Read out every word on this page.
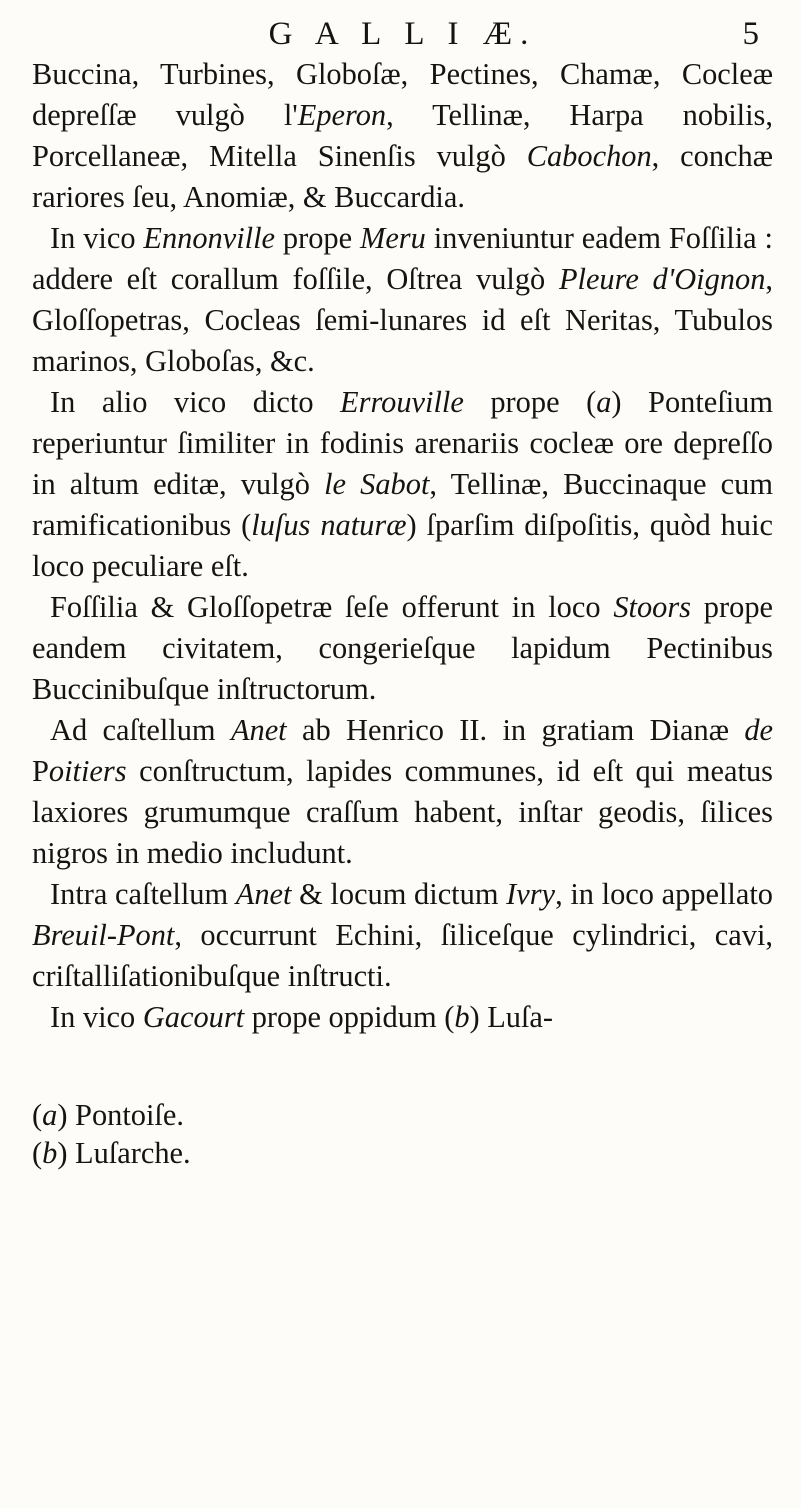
G A L L I Æ.	5

Buccina, Turbines, Globoſæ, Pectines, Chamæ, Cocleæ depreſſæ vulgò l'Eperon, Tellinæ, Harpa nobilis, Porcellaneæ, Mitella Sinenſis vulgò Cabochon, conchæ rariores ſeu, Anomiæ, & Buccardia.

In vico Ennonville prope Meru inveniuntur eadem Foſſilia : addere eſt corallum foſſile, Oſtrea vulgò Pleure d'Oignon, Gloſſopetras, Cocleas ſemi-lunares id eſt Neritas, Tubulos marinos, Globoſas, &c.

In alio vico dicto Errouville prope (a) Ponteſium reperiuntur ſimiliter in fodinis arenariis cocleæ ore depreſſo in altum editæ, vulgò le Sabot, Tellinæ, Buccinaque cum ramificationibus (luſus naturæ) ſparſim diſpoſitis, quòd huic loco peculiare eſt.

Foſſilia & Gloſſopetræ ſeſe offerunt in loco Stoors prope eandem civitatem, congerieſque lapidum Pectinibus Buccinibuſque inſtructorum.

Ad caſtellum Anet ab Henrico II. in gratiam Dianæ de Poitiers conſtructum, lapides communes, id eſt qui meatus laxiores grumumque craſſum habent, inſtar geodis, ſilices nigros in medio includunt.

Intra caſtellum Anet & locum dictum Ivry, in loco appellato Breuil-Pont, occurrunt Echini, ſiliceſque cylindrici, cavi, criſtalliſationibuſque inſtructi.

In vico Gacourt prope oppidum (b) Luſa-

(a) Pontoiſe.

(b) Luſarche.
